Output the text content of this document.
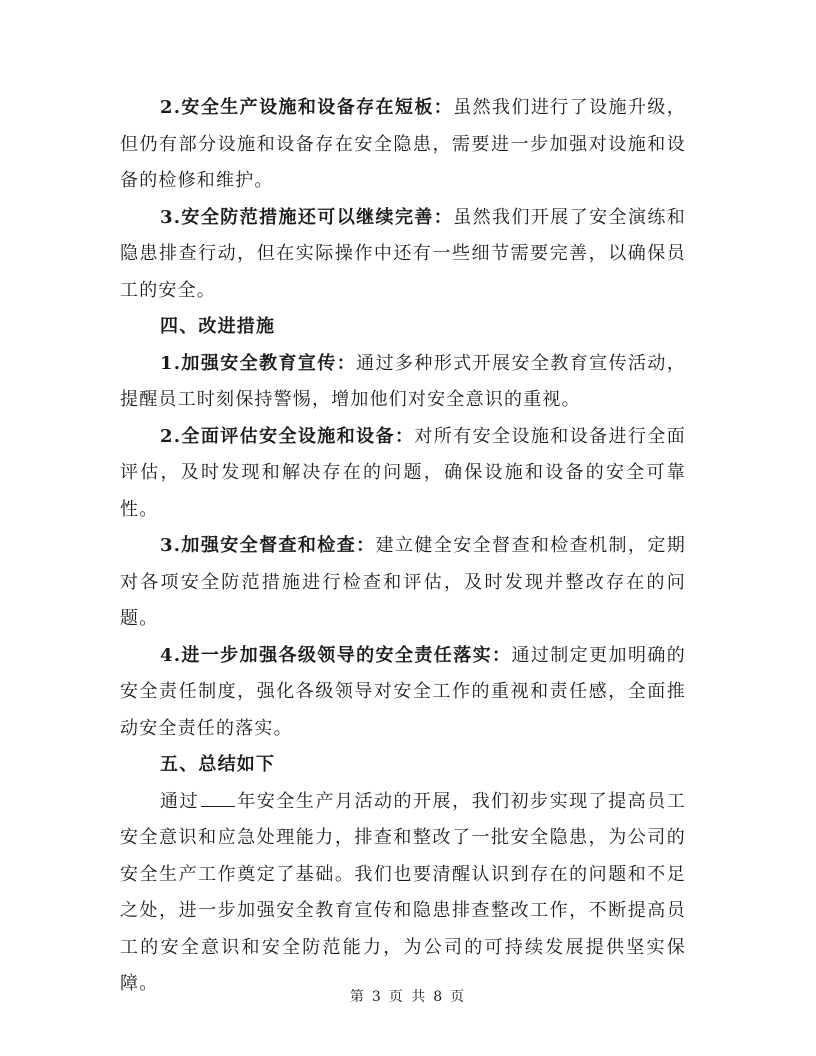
2.安全生产设施和设备存在短板：虽然我们进行了设施升级，但仍有部分设施和设备存在安全隐患，需要进一步加强对设施和设备的检修和维护。

3.安全防范措施还可以继续完善：虽然我们开展了安全演练和隐患排查行动，但在实际操作中还有一些细节需要完善，以确保员工的安全。

四、改进措施

1.加强安全教育宣传：通过多种形式开展安全教育宣传活动，提醒员工时刻保持警惕，增加他们对安全意识的重视。

2.全面评估安全设施和设备：对所有安全设施和设备进行全面评估，及时发现和解决存在的问题，确保设施和设备的安全可靠性。

3.加强安全督查和检查：建立健全安全督查和检查机制，定期对各项安全防范措施进行检查和评估，及时发现并整改存在的问题。

4.进一步加强各级领导的安全责任落实：通过制定更加明确的安全责任制度，强化各级领导对安全工作的重视和责任感，全面推动安全责任的落实。

五、总结如下

通过 年安全生产月活动的开展，我们初步实现了提高员工安全意识和应急处理能力，排查和整改了一批安全隐患，为公司的安全生产工作奠定了基础。我们也要清醒认识到存在的问题和不足之处，进一步加强安全教育宣传和隐患排查整改工作，不断提高员工的安全意识和安全防范能力，为公司的可持续发展提供坚实保障。

第 3 页 共 8 页
